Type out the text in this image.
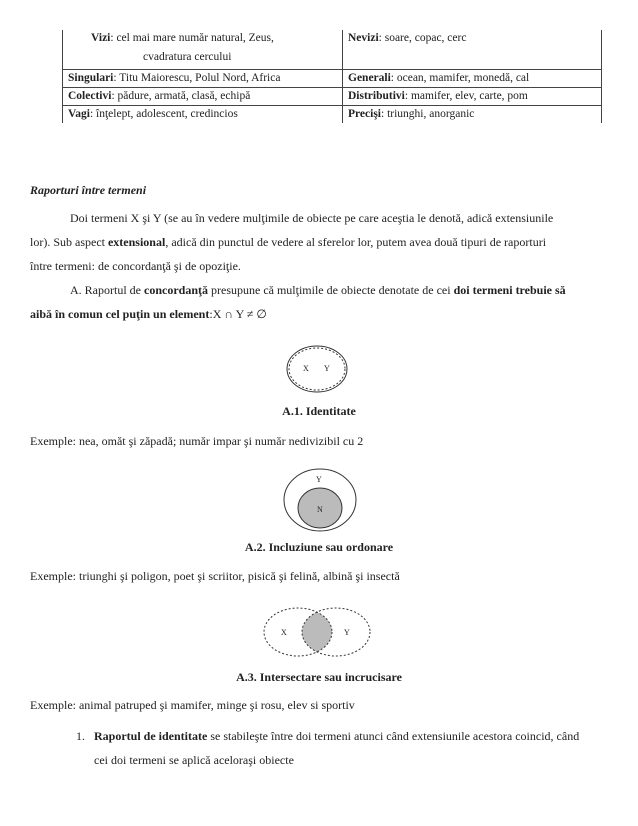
Vizi: cel mai mare număr natural, Zeus,
cvadratura cercului	Nevizi: soare, copac, cerc
Singulari: Titu Maiorescu, Polul Nord, Africa	Generali: ocean, mamifer, monedă, cal
Colectivi: pădure, armată, clasă, echipă	Distributivi: mamifer, elev, carte, pom
Vagi: înţelept, adolescent, credincios	Precişi: triunghi, anorganic
Raporturi între termeni
Doi termeni X şi Y (se au în vedere mulţimile de obiecte pe care aceştia le denotă, adică extensiunile
lor). Sub aspect extensional, adică din punctul de vedere al sferelor lor, putem avea două tipuri de raporturi
între termeni: de concordanţă şi de opoziţie.
A. Raportul de concordanţă presupune că mulţimile de obiecte denotate de cei doi termeni trebuie să
aibă în comun cel puţin un element:X ∩ Y ≠ ∅
X Y
A.1. Identitate
Exemple: nea, omăt şi zăpadă; număr impar şi număr nedivizibil cu 2
Y
N
A.2. Incluziune sau ordonare
Exemple: triunghi şi poligon, poet şi scriitor, pisică şi felină, albină şi insectă
X	Y
A.3. Intersectare sau incrucisare
Exemple: animal patruped şi mamifer, minge şi rosu, elev si sportiv
1. Raportul de identitate se stabileşte între doi termeni atunci când extensiunile acestora coincid, când
cei doi termeni se aplică aceloraşi obiecte
